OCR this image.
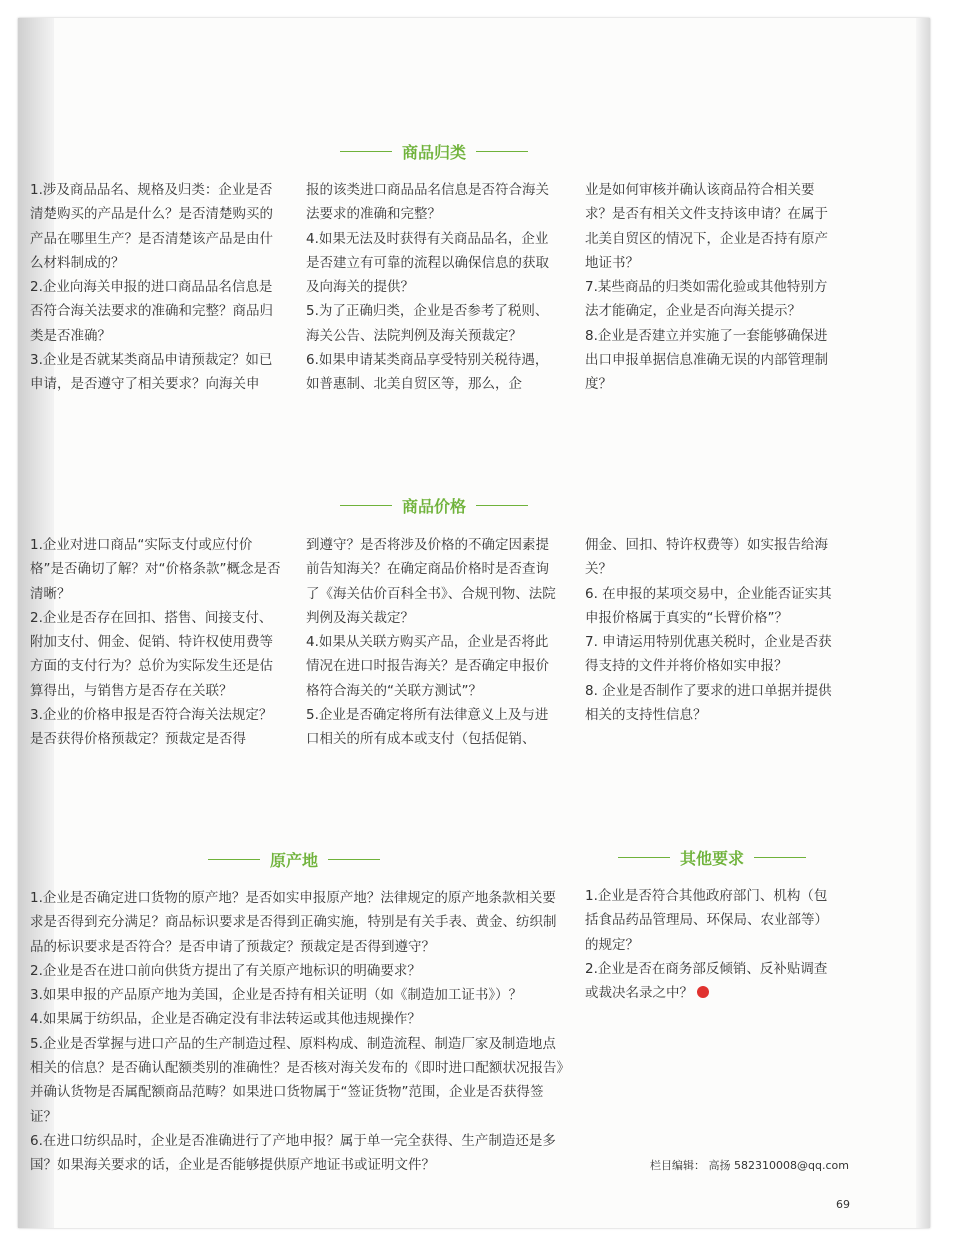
商品归类

1.涉及商品品名、规格及归类：企业是否清楚购买的产品是什么？是否清楚购买的产品在哪里生产？是否清楚该产品是由什么材料制成的？

2.企业向海关申报的进口商品品名信息是否符合海关法要求的准确和完整？商品归类是否准确？

3.企业是否就某类商品申请预裁定？如已申请，是否遵守了相关要求？向海关申

报的该类进口商品品名信息是否符合海关法要求的准确和完整？

4.如果无法及时获得有关商品品名，企业是否建立有可靠的流程以确保信息的获取及向海关的提供？

5.为了正确归类，企业是否参考了税则、海关公告、法院判例及海关预裁定？

6.如果申请某类商品享受特别关税待遇，如普惠制、北美自贸区等，那么，企

业是如何审核并确认该商品符合相关要求？是否有相关文件支持该申请？在属于北美自贸区的情况下，企业是否持有原产地证书？

7.某些商品的归类如需化验或其他特别方法才能确定，企业是否向海关提示？

8.企业是否建立并实施了一套能够确保进出口申报单据信息准确无误的内部管理制度？

商品价格

1.企业对进口商品“实际支付或应付价格”是否确切了解？对“价格条款”概念是否清晰？

2.企业是否存在回扣、搭售、间接支付、附加支付、佣金、促销、特许权使用费等方面的支付行为？总价为实际发生还是估算得出，与销售方是否存在关联？

3.企业的价格申报是否符合海关法规定？是否获得价格预裁定？预裁定是否得

到遵守？是否将涉及价格的不确定因素提前告知海关？在确定商品价格时是否查询了《海关估价百科全书》、合规刊物、法院判例及海关裁定？

4.如果从关联方购买产品，企业是否将此情况在进口时报告海关？是否确定申报价格符合海关的“关联方测试”？

5.企业是否确定将所有法律意义上及与进口相关的所有成本或支付（包括促销、

佣金、回扣、特许权费等）如实报告给海关？

6. 在申报的某项交易中，企业能否证实其申报价格属于真实的“长臂价格”？

7. 申请运用特别优惠关税时，企业是否获得支持的文件并将价格如实申报？

8. 企业是否制作了要求的进口单据并提供相关的支持性信息？

原产地

1.企业是否确定进口货物的原产地？是否如实申报原产地？法律规定的原产地条款相关要求是否得到充分满足？商品标识要求是否得到正确实施，特别是有关手表、黄金、纺织制品的标识要求是否符合？是否申请了预裁定？预裁定是否得到遵守？

2.企业是否在进口前向供货方提出了有关原产地标识的明确要求？

3.如果申报的产品原产地为美国，企业是否持有相关证明（如《制造加工证书》）？

4.如果属于纺织品，企业是否确定没有非法转运或其他违规操作？

5.企业是否掌握与进口产品的生产制造过程、原料构成、制造流程、制造厂家及制造地点相关的信息？是否确认配额类别的准确性？是否核对海关发布的《即时进口配额状况报告》并确认货物是否属配额商品范畴？如果进口货物属于“签证货物”范围，企业是否获得签证？

6.在进口纺织品时，企业是否准确进行了产地申报？属于单一完全获得、生产制造还是多国？如果海关要求的话，企业是否能够提供原产地证书或证明文件？

其他要求

1.企业是否符合其他政府部门、机构（包括食品药品管理局、环保局、农业部等）的规定？

2.企业是否在商务部反倾销、反补贴调查或裁决名录之中？

栏目编辑： 高扬 582310008@qq.com
69
